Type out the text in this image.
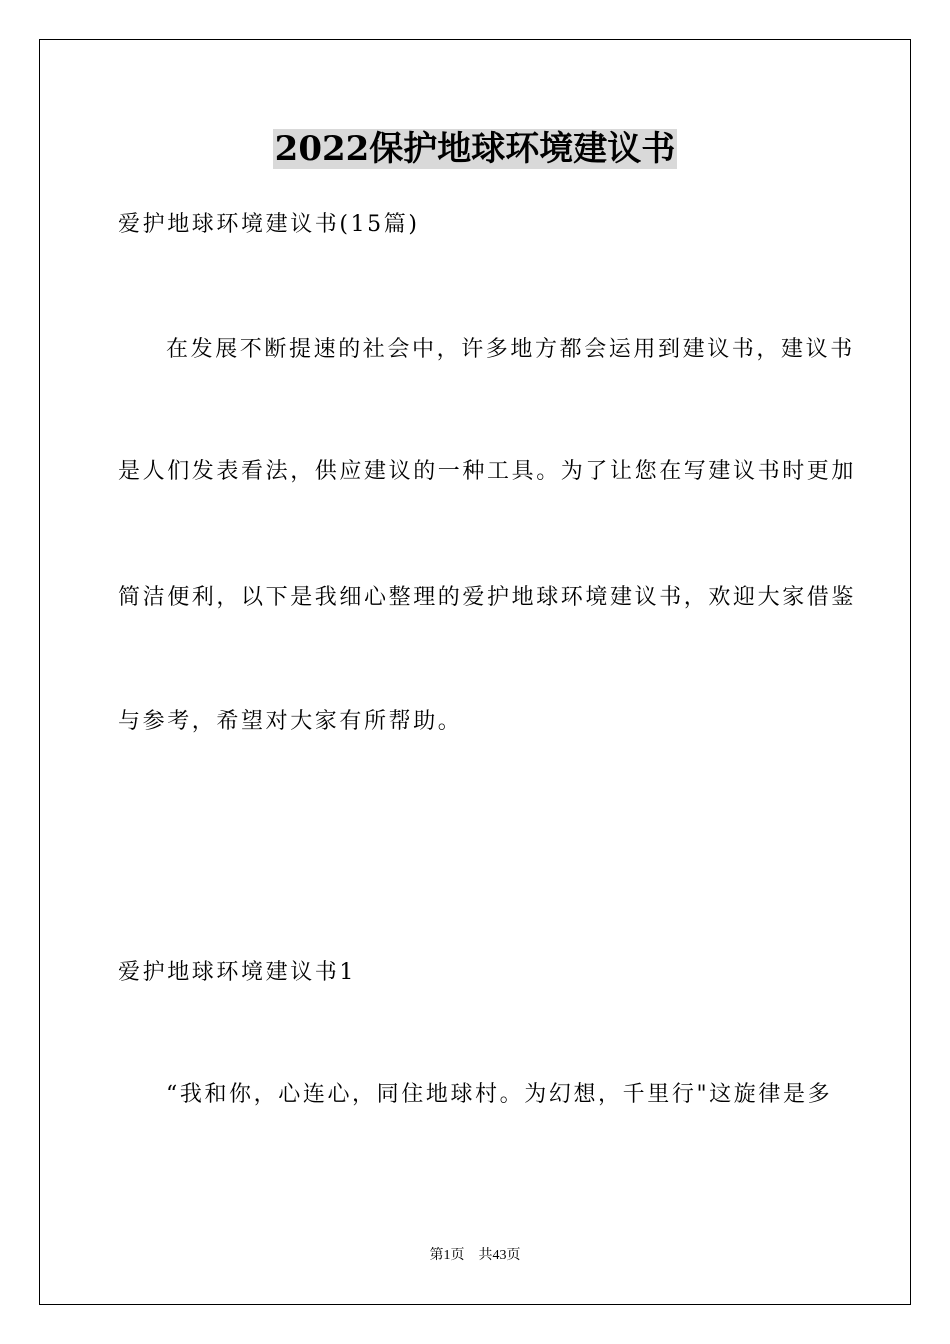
2022保护地球环境建议书
爱护地球环境建议书(15篇)
在发展不断提速的社会中，许多地方都会运用到建议书，建议书
是人们发表看法，供应建议的一种工具。为了让您在写建议书时更加
简洁便利，以下是我细心整理的爱护地球环境建议书，欢迎大家借鉴
与参考，希望对大家有所帮助。
爱护地球环境建议书1
“我和你，心连心，同住地球村。为幻想，千里行"这旋律是多
第1页　共43页
